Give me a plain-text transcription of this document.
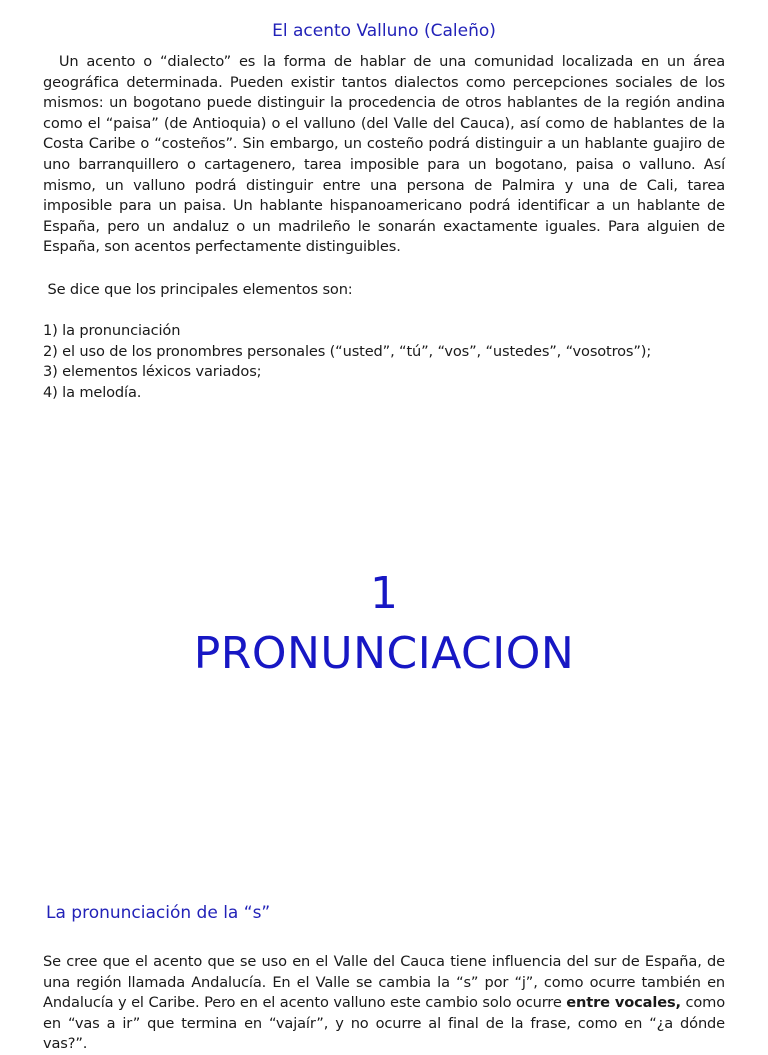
El acento Valluno (Caleño)
Un acento o “dialecto” es la forma de hablar de una comunidad localizada en un área geográfica determinada. Pueden existir tantos dialectos como percepciones sociales de los mismos: un bogotano puede distinguir la procedencia de otros hablantes de la región andina como el “paisa” (de Antioquia) o el valluno (del Valle del Cauca), así como de hablantes de la Costa Caribe o “costeños”. Sin embargo, un costeño podrá distinguir a un hablante guajiro de uno barranquillero o cartagenero, tarea imposible para un bogotano, paisa o valluno. Así mismo, un valluno podrá distinguir entre una persona de Palmira y una de Cali, tarea imposible para un paisa. Un hablante hispanoamericano podrá identificar a un hablante de España, pero un andaluz o un madrileño le sonarán exactamente iguales. Para alguien de España, son acentos perfectamente distinguibles.
Se dice que los principales elementos son:
1) la pronunciación
2) el uso de los pronombres personales (“usted”, “tú”, “vos”, “ustedes”, “vosotros”);
3) elementos léxicos variados;
4) la melodía.
1
PRONUNCIACION
La pronunciación de la “s”
Se cree que el acento que se uso en el Valle del Cauca tiene influencia del sur de España, de una región llamada Andalucía. En el Valle se cambia la “s” por “j”, como ocurre también en Andalucía y el Caribe. Pero en el acento valluno este cambio solo ocurre entre vocales, como en “vas a ir” que termina en “vajaír”, y no ocurre al final de la frase, como en “¿a dónde vas?”.
